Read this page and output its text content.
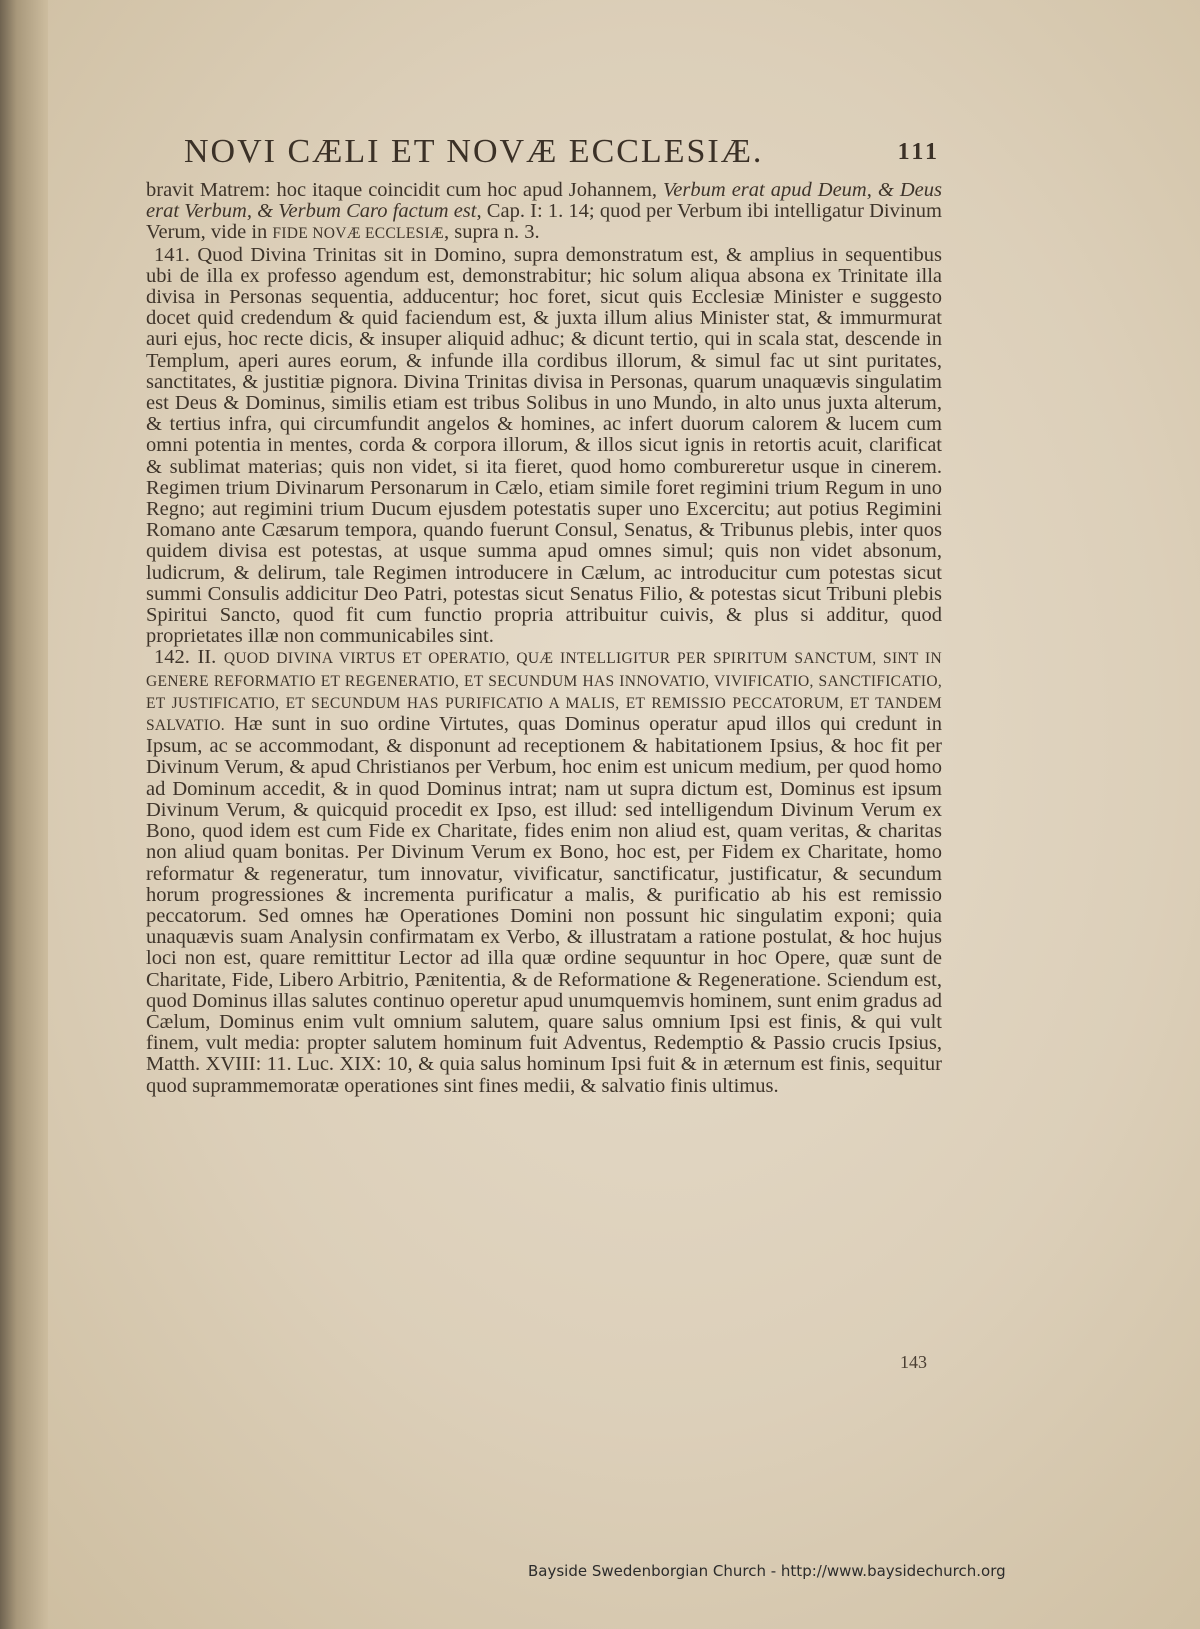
NOVI CÆLI ET NOVÆ ECCLESIÆ.	111

bravit Matrem: hoc itaque coincidit cum hoc apud Johannem, Verbum erat apud Deum, & Deus erat Verbum, & Verbum Caro factum est, Cap. I: 1. 14; quod per Verbum ibi intelligatur Divinum Verum, vide in FIDE NOVÆ ECCLESIÆ, supra n. 3.

141. Quod Divina Trinitas sit in Domino, supra demonstratum est, & amplius in sequentibus ubi de illa ex professo agendum est, demonstrabitur; hic solum aliqua absona ex Trinitate illa divisa in Personas sequentia, adducentur; hoc foret, sicut quis Ecclesiæ Minister e suggesto docet quid credendum & quid faciendum est, & juxta illum alius Minister stat, & immurmurat auri ejus, hoc recte dicis, & insuper aliquid adhuc; & dicunt tertio, qui in scala stat, descende in Templum, aperi aures eorum, & infunde illa cordibus illorum, & simul fac ut sint puritates, sanctitates, & justitiæ pignora. Divina Trinitas divisa in Personas, quarum unaquævis singulatim est Deus & Dominus, similis etiam est tribus Solibus in uno Mundo, in alto unus juxta alterum, & tertius infra, qui circumfundit angelos & homines, ac infert duorum calorem & lucem cum omni potentia in mentes, corda & corpora illorum, & illos sicut ignis in retortis acuit, clarificat & sublimat materias; quis non videt, si ita fieret, quod homo combureretur usque in cinerem. Regimen trium Divinarum Personarum in Cælo, etiam simile foret regimini trium Regum in uno Regno; aut regimini trium Ducum ejusdem potestatis super uno Excercitu; aut potius Regimini Romano ante Cæsarum tempora, quando fuerunt Consul, Senatus, & Tribunus plebis, inter quos quidem divisa est potestas, at usque summa apud omnes simul; quis non videt absonum, ludicrum, & delirum, tale Regimen introducere in Cælum, ac introducitur cum potestas sicut summi Consulis addicitur Deo Patri, potestas sicut Senatus Filio, & potestas sicut Tribuni plebis Spiritui Sancto, quod fit cum functio propria attribuitur cuivis, & plus si additur, quod proprietates illæ non communicabiles sint.

142. II. QUOD DIVINA VIRTUS ET OPERATIO, QUÆ INTELLIGITUR PER SPIRITUM SANCTUM, SINT IN GENERE REFORMATIO ET REGENERATIO, ET SECUNDUM HAS INNOVATIO, VIVIFICATIO, SANCTIFICATIO, ET JUSTIFICATIO, ET SECUNDUM HAS PURIFICATIO A MALIS, ET REMISSIO PECCATORUM, ET TANDEM SALVATIO. Hæ sunt in suo ordine Virtutes, quas Dominus operatur apud illos qui credunt in Ipsum, ac se accommodant, & disponunt ad receptionem & habitationem Ipsius, & hoc fit per Divinum Verum, & apud Christianos per Verbum, hoc enim est unicum medium, per quod homo ad Dominum accedit, & in quod Dominus intrat; nam ut supra dictum est, Dominus est ipsum Divinum Verum, & quicquid procedit ex Ipso, est illud: sed intelligendum Divinum Verum ex Bono, quod idem est cum Fide ex Charitate, fides enim non aliud est, quam veritas, & charitas non aliud quam bonitas. Per Divinum Verum ex Bono, hoc est, per Fidem ex Charitate, homo reformatur & regeneratur, tum innovatur, vivificatur, sanctificatur, justificatur, & secundum horum progressiones & incrementa purificatur a malis, & purificatio ab his est remissio peccatorum. Sed omnes hæ Operationes Domini non possunt hic singulatim exponi; quia unaquævis suam Analysin confirmatam ex Verbo, & illustratam a ratione postulat, & hoc hujus loci non est, quare remittitur Lector ad illa quæ ordine sequuntur in hoc Opere, quæ sunt de Charitate, Fide, Libero Arbitrio, Pænitentia, & de Reformatione & Regeneratione. Sciendum est, quod Dominus illas salutes continuo operetur apud unumquemvis hominem, sunt enim gradus ad Cælum, Dominus enim vult omnium salutem, quare salus omnium Ipsi est finis, & qui vult finem, vult media: propter salutem hominum fuit Adventus, Redemptio & Passio crucis Ipsius, Matth. XVIII: 11. Luc. XIX: 10, & quia salus hominum Ipsi fuit & in æternum est finis, sequitur quod suprammemoratæ operationes sint fines medii, & salvatio finis ultimus.

143
Bayside Swedenborgian Church - http://www.baysidechurch.org
